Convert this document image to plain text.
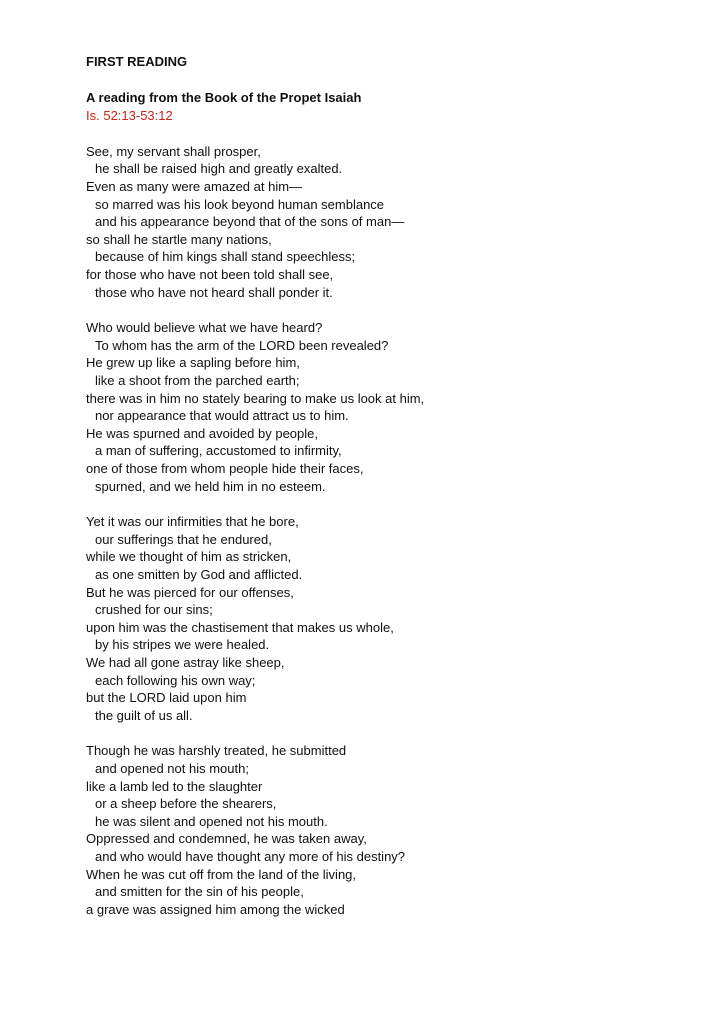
FIRST READING
A reading from the Book of the Propet Isaiah
Is. 52:13-53:12
See, my servant shall prosper,
he shall be raised high and greatly exalted.
Even as many were amazed at him—
so marred was his look beyond human semblance
and his appearance beyond that of the sons of man—
so shall he startle many nations,
because of him kings shall stand speechless;
for those who have not been told shall see,
those who have not heard shall ponder it.
Who would believe what we have heard?
To whom has the arm of the LORD been revealed?
He grew up like a sapling before him,
like a shoot from the parched earth;
there was in him no stately bearing to make us look at him,
nor appearance that would attract us to him.
He was spurned and avoided by people,
a man of suffering, accustomed to infirmity,
one of those from whom people hide their faces,
spurned, and we held him in no esteem.
Yet it was our infirmities that he bore,
our sufferings that he endured,
while we thought of him as stricken,
as one smitten by God and afflicted.
But he was pierced for our offenses,
crushed for our sins;
upon him was the chastisement that makes us whole,
by his stripes we were healed.
We had all gone astray like sheep,
each following his own way;
but the LORD laid upon him
the guilt of us all.
Though he was harshly treated, he submitted
and opened not his mouth;
like a lamb led to the slaughter
or a sheep before the shearers,
he was silent and opened not his mouth.
Oppressed and condemned, he was taken away,
and who would have thought any more of his destiny?
When he was cut off from the land of the living,
and smitten for the sin of his people,
a grave was assigned him among the wicked
